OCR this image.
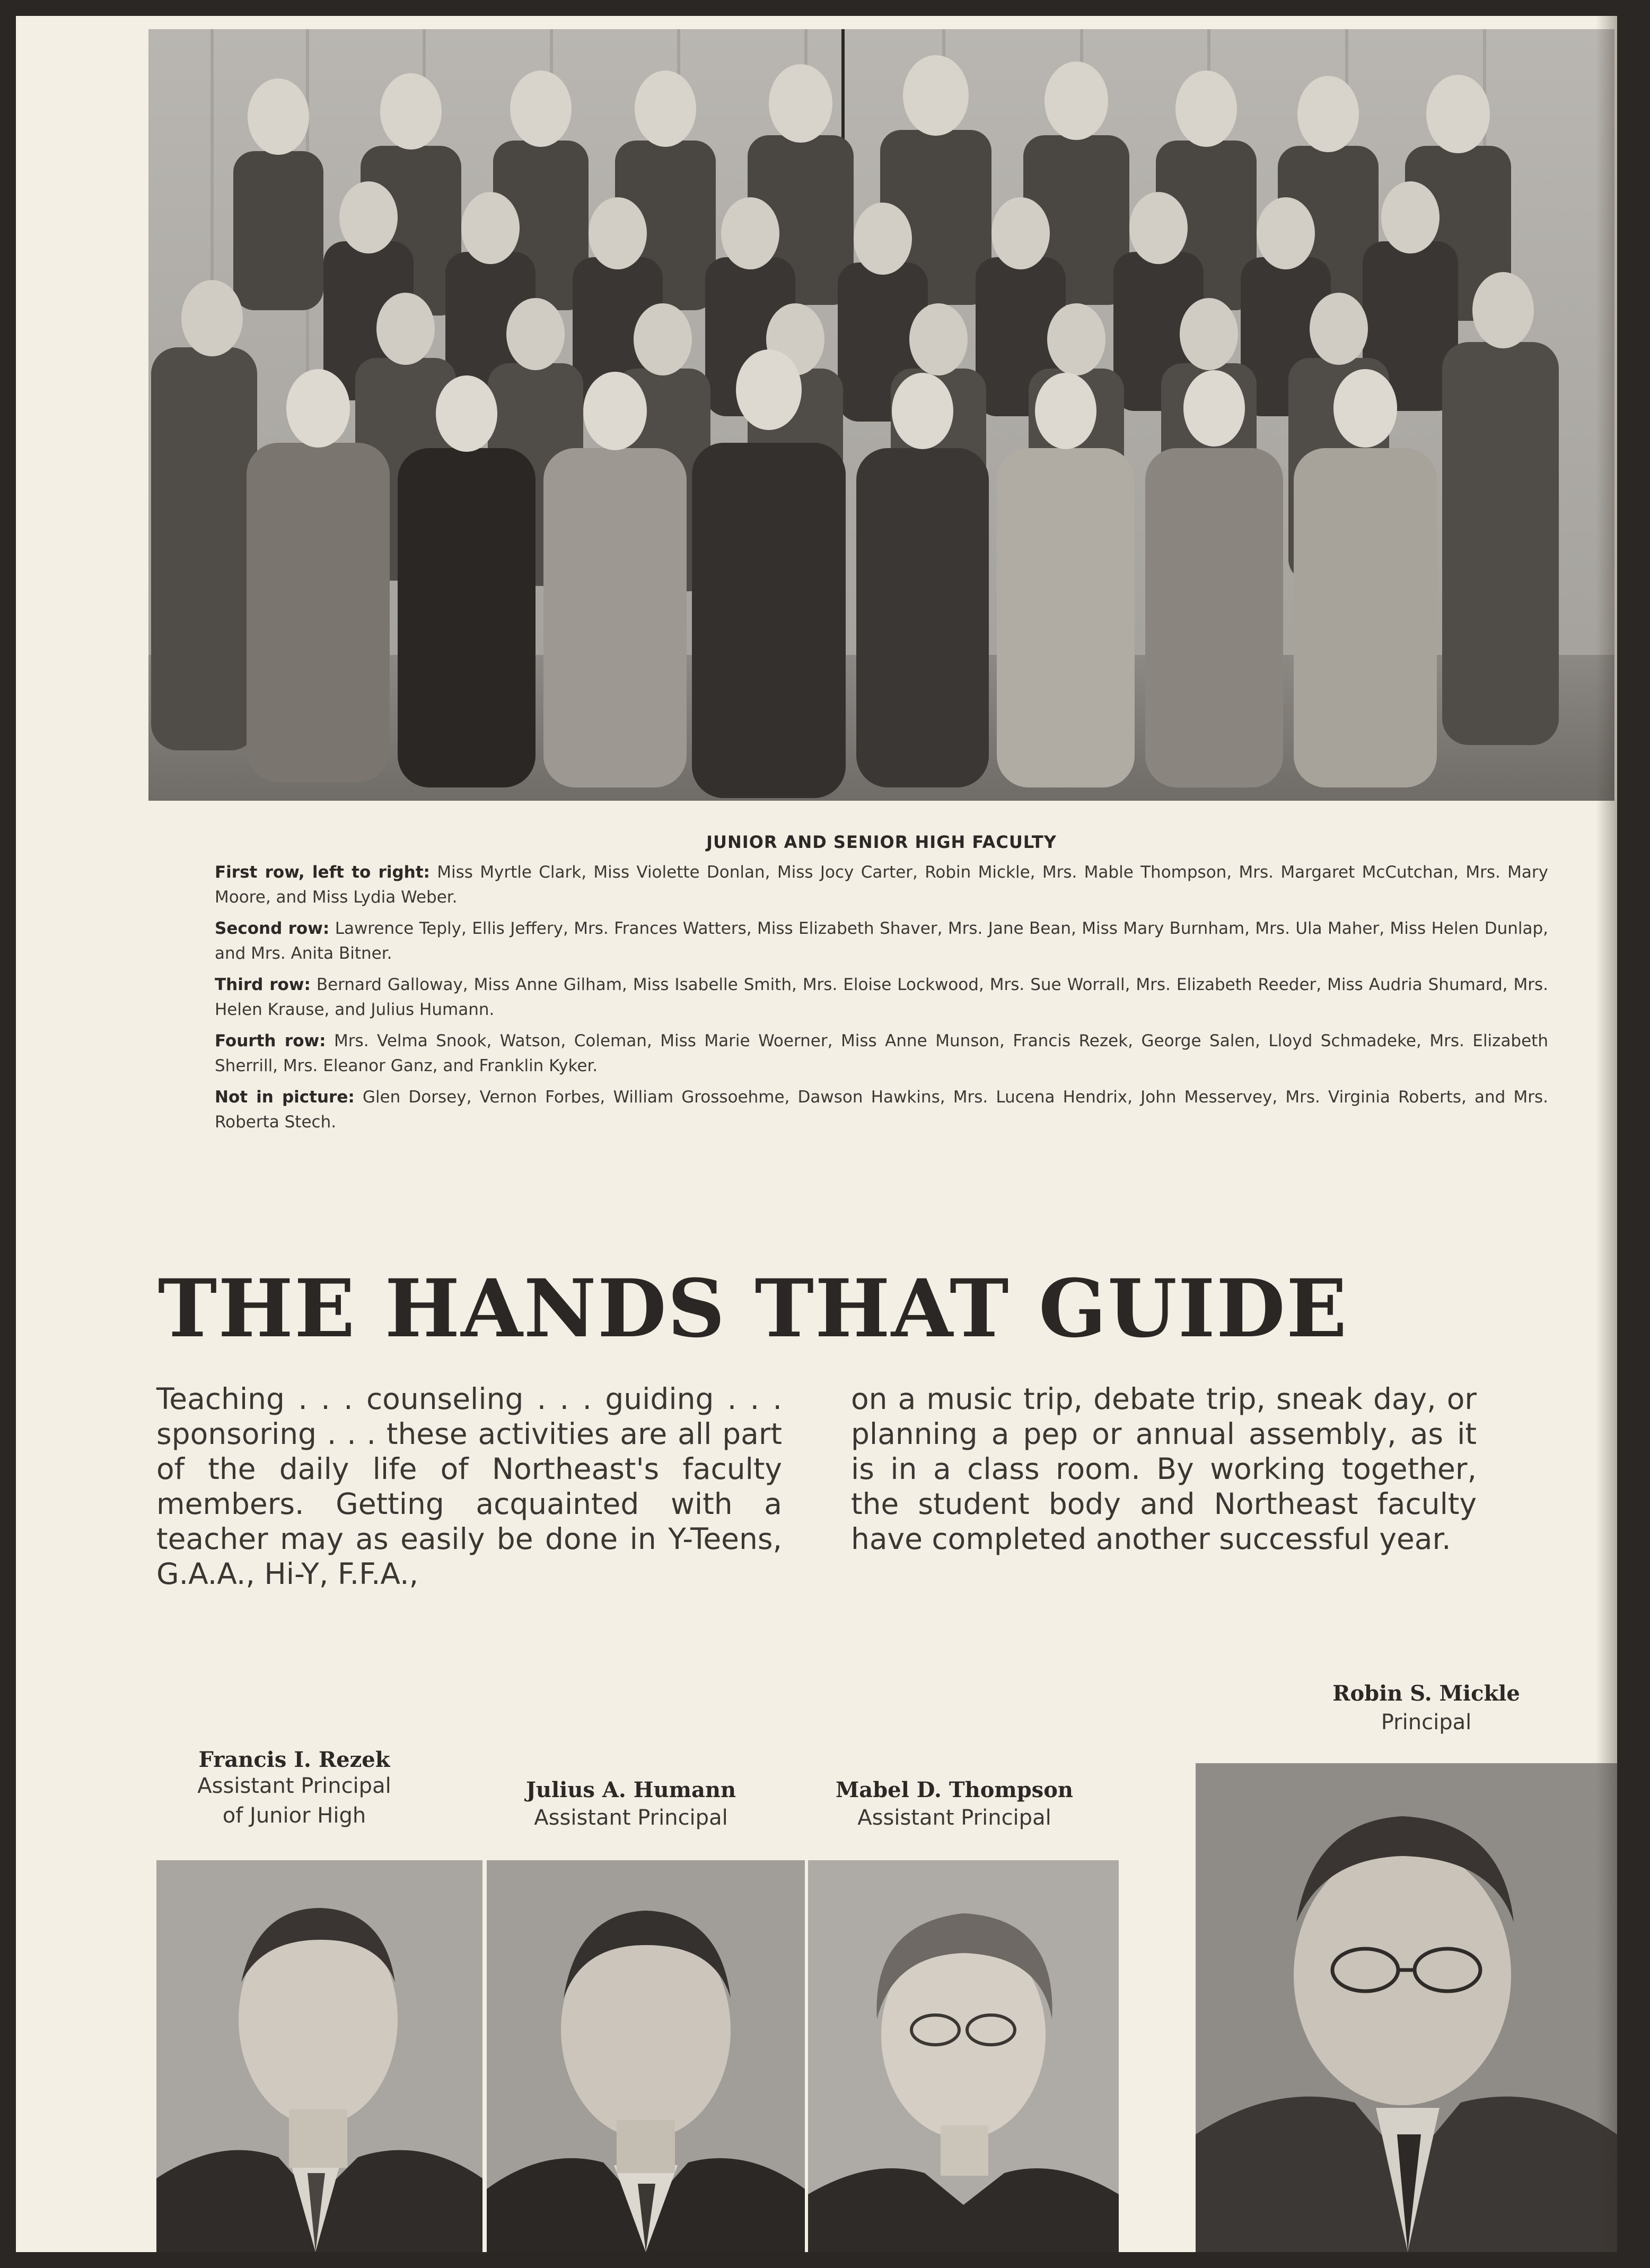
JUNIOR AND SENIOR HIGH FACULTY

First row, left to right: Miss Myrtle Clark, Miss Violette Donlan, Miss Jocy Carter, Robin Mickle, Mrs. Mable Thompson, Mrs. Margaret McCutchan, Mrs. Mary Moore, and Miss Lydia Weber.

Second row: Lawrence Teply, Ellis Jeffery, Mrs. Frances Watters, Miss Elizabeth Shaver, Mrs. Jane Bean, Miss Mary Burnham, Mrs. Ula Maher, Miss Helen Dunlap, and Mrs. Anita Bitner.

Third row: Bernard Galloway, Miss Anne Gilham, Miss Isabelle Smith, Mrs. Eloise Lockwood, Mrs. Sue Worrall, Mrs. Elizabeth Reeder, Miss Audria Shumard, Mrs. Helen Krause, and Julius Humann.

Fourth row: Mrs. Velma Snook, Watson, Coleman, Miss Marie Woerner, Miss Anne Munson, Francis Rezek, George Salen, Lloyd Schmadeke, Mrs. Elizabeth Sherrill, Mrs. Eleanor Ganz, and Franklin Kyker.

Not in picture: Glen Dorsey, Vernon Forbes, William Grossoehme, Dawson Hawkins, Mrs. Lucena Hendrix, John Messervey, Mrs. Virginia Roberts, and Mrs. Roberta Stech.

THE HANDS THAT GUIDE
Teaching . . . counseling . . . guiding . . . sponsoring . . . these activities are all part of the daily life of Northeast's faculty members. Getting acquainted with a teacher may as easily be done in Y-Teens, G.A.A., Hi-Y, F.F.A.,
on a music trip, debate trip, sneak day, or planning a pep or annual assembly, as it is in a class room. By working together, the student body and Northeast faculty have completed another successful year.
Francis I. Rezek
Assistant Principal
of Junior High
Julius A. Humann
Assistant Principal
Mabel D. Thompson
Assistant Principal
Robin S. Mickle
Principal
